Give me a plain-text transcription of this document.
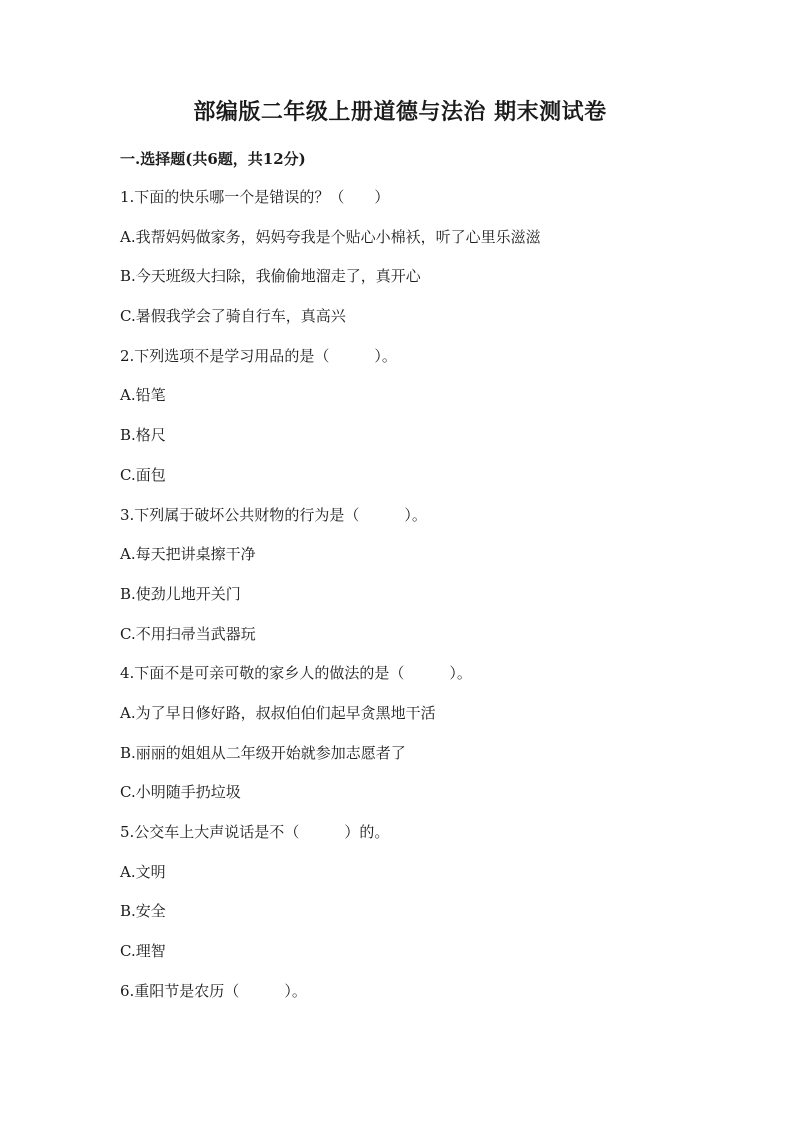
部编版二年级上册道德与法治 期末测试卷
一.选择题(共6题，共12分)
1.下面的快乐哪一个是错误的？（　　）
A.我帮妈妈做家务，妈妈夸我是个贴心小棉袄，听了心里乐滋滋
B.今天班级大扫除，我偷偷地溜走了，真开心
C.暑假我学会了骑自行车，真高兴
2.下列选项不是学习用品的是（　　　）。
A.铅笔
B.格尺
C.面包
3.下列属于破坏公共财物的行为是（　　　）。
A.每天把讲桌擦干净
B.使劲儿地开关门
C.不用扫帚当武器玩
4.下面不是可亲可敬的家乡人的做法的是（　　　）。
A.为了早日修好路，叔叔伯伯们起早贪黑地干活
B.丽丽的姐姐从二年级开始就参加志愿者了
C.小明随手扔垃圾
5.公交车上大声说话是不（　　　）的。
A.文明
B.安全
C.理智
6.重阳节是农历（　　　）。
